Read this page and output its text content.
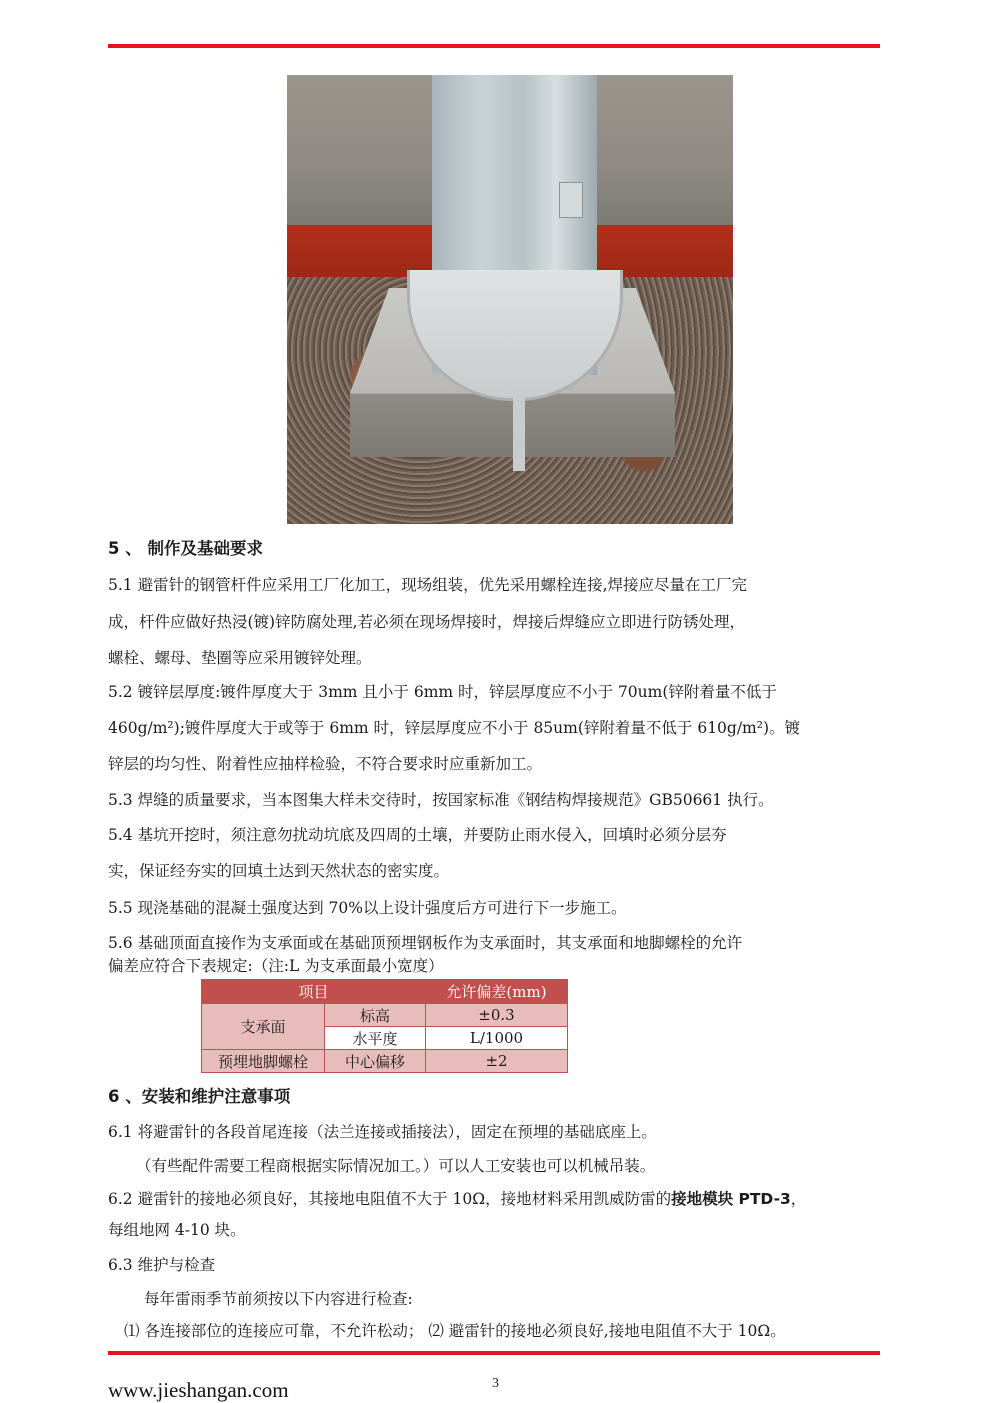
5 、 制作及基础要求
5.1 避雷针的钢管杆件应采用工厂化加工，现场组装，优先采用螺栓连接,焊接应尽量在工厂完
成，杆件应做好热浸(镀)锌防腐处理,若必须在现场焊接时，焊接后焊缝应立即进行防锈处理，
螺栓、螺母、垫圈等应采用镀锌处理。
5.2 镀锌层厚度:镀件厚度大于 3mm 且小于 6mm 时，锌层厚度应不小于 70um(锌附着量不低于
460g/m²);镀件厚度大于或等于 6mm 时，锌层厚度应不小于 85um(锌附着量不低于 610g/m²)。镀
锌层的均匀性、附着性应抽样检验，不符合要求时应重新加工。
5.3 焊缝的质量要求，当本图集大样未交待时，按国家标准《钢结构焊接规范》GB50661 执行。
5.4 基坑开挖时，须注意勿扰动坑底及四周的土壤，并要防止雨水侵入，回填时必须分层夯
实，保证经夯实的回填土达到天然状态的密实度。
5.5 现浇基础的混凝土强度达到 70%以上设计强度后方可进行下一步施工。
5.6 基础顶面直接作为支承面或在基础顶预埋钢板作为支承面时，其支承面和地脚螺栓的允许
偏差应符合下表规定:（注:L 为支承面最小宽度）
项目		允许偏差(mm)
支承面	标高	±0.3
	水平度	L/1000
预埋地脚螺栓	中心偏移	±2
6 、安装和维护注意事项
6.1 将避雷针的各段首尾连接（法兰连接或插接法），固定在预埋的基础底座上。
（有些配件需要工程商根据实际情况加工。）可以人工安装也可以机械吊装。
6.2 避雷针的接地必须良好，其接地电阻值不大于 10Ω，接地材料采用凯威防雷的接地模块 PTD-3，
每组地网 4-10 块。
6.3 维护与检查
每年雷雨季节前须按以下内容进行检查:
⑴ 各连接部位的连接应可靠，不允许松动； ⑵ 避雷针的接地必须良好,接地电阻值不大于 10Ω。
www.jieshangan.com	3
